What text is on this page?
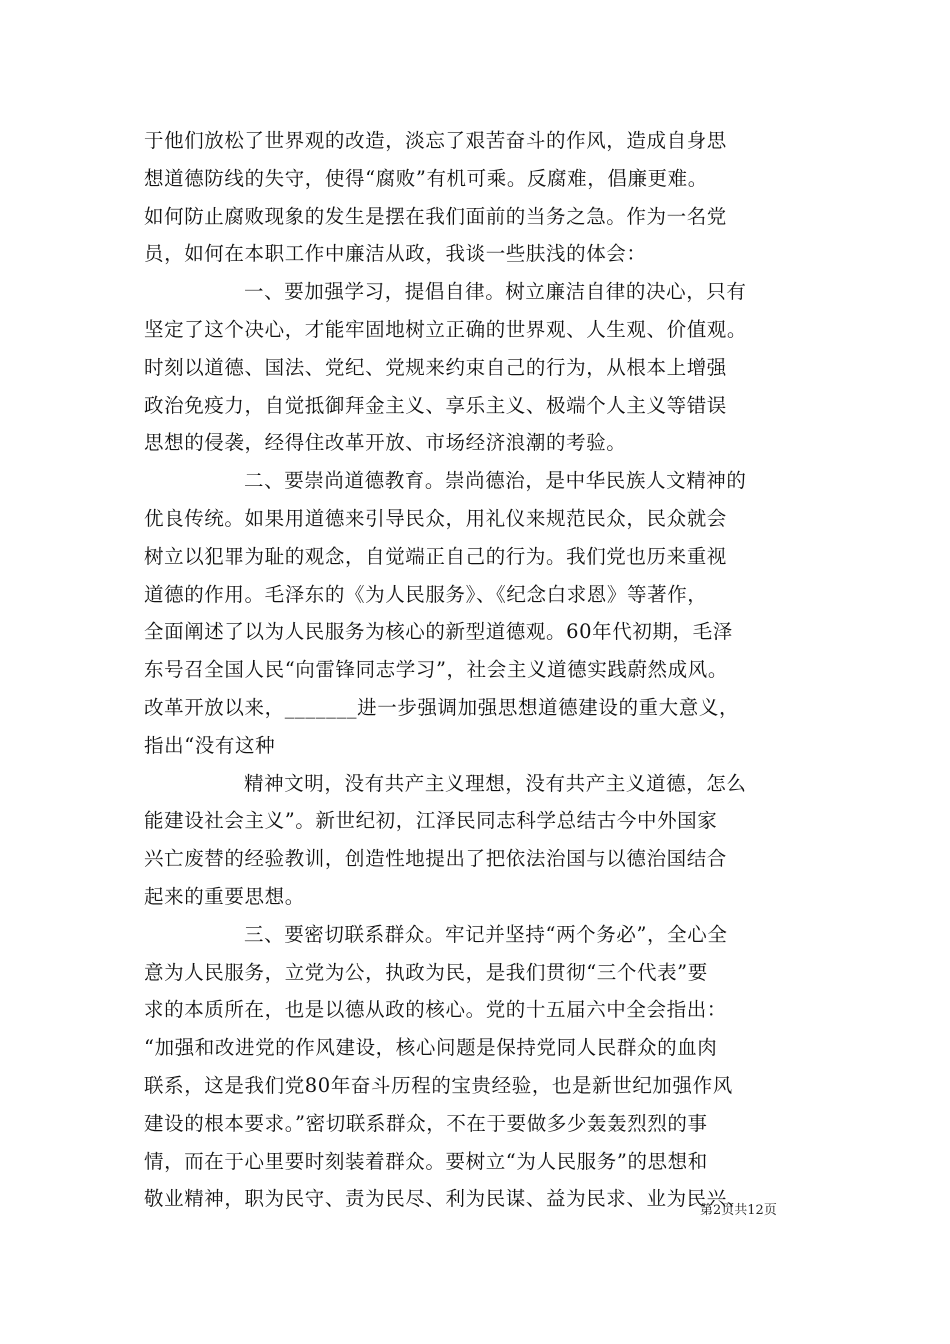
于他们放松了世界观的改造，淡忘了艰苦奋斗的作风，造成自身思
想道德防线的失守，使得“腐败”有机可乘。反腐难，倡廉更难。
如何防止腐败现象的发生是摆在我们面前的当务之急。作为一名党
员，如何在本职工作中廉洁从政，我谈一些肤浅的体会：
一、要加强学习，提倡自律。树立廉洁自律的决心，只有
坚定了这个决心，才能牢固地树立正确的世界观、人生观、价值观。
时刻以道德、国法、党纪、党规来约束自己的行为，从根本上增强
政治免疫力，自觉抵御拜金主义、享乐主义、极端个人主义等错误
思想的侵袭，经得住改革开放、市场经济浪潮的考验。
二、要崇尚道德教育。崇尚德治，是中华民族人文精神的
优良传统。如果用道德来引导民众，用礼仪来规范民众，民众就会
树立以犯罪为耻的观念，自觉端正自己的行为。我们党也历来重视
道德的作用。毛泽东的《为人民服务》、《纪念白求恩》等著作，
全面阐述了以为人民服务为核心的新型道德观。60年代初期，毛泽
东号召全国人民“向雷锋同志学习”，社会主义道德实践蔚然成风。
改革开放以来，_______进一步强调加强思想道德建设的重大意义，
指出“没有这种
精神文明，没有共产主义理想，没有共产主义道德，怎么
能建设社会主义”。新世纪初，江泽民同志科学总结古今中外国家
兴亡废替的经验教训，创造性地提出了把依法治国与以德治国结合
起来的重要思想。
三、要密切联系群众。牢记并坚持“两个务必”，全心全
意为人民服务，立党为公，执政为民，是我们贯彻“三个代表”要
求的本质所在，也是以德从政的核心。党的十五届六中全会指出：
“加强和改进党的作风建设，核心问题是保持党同人民群众的血肉
联系，这是我们党80年奋斗历程的宝贵经验，也是新世纪加强作风
建设的根本要求。”密切联系群众，不在于要做多少轰轰烈烈的事
情，而在于心里要时刻装着群众。要树立“为人民服务”的思想和
敬业精神，职为民守、责为民尽、利为民谋、益为民求、业为民兴、
第2页共12页
